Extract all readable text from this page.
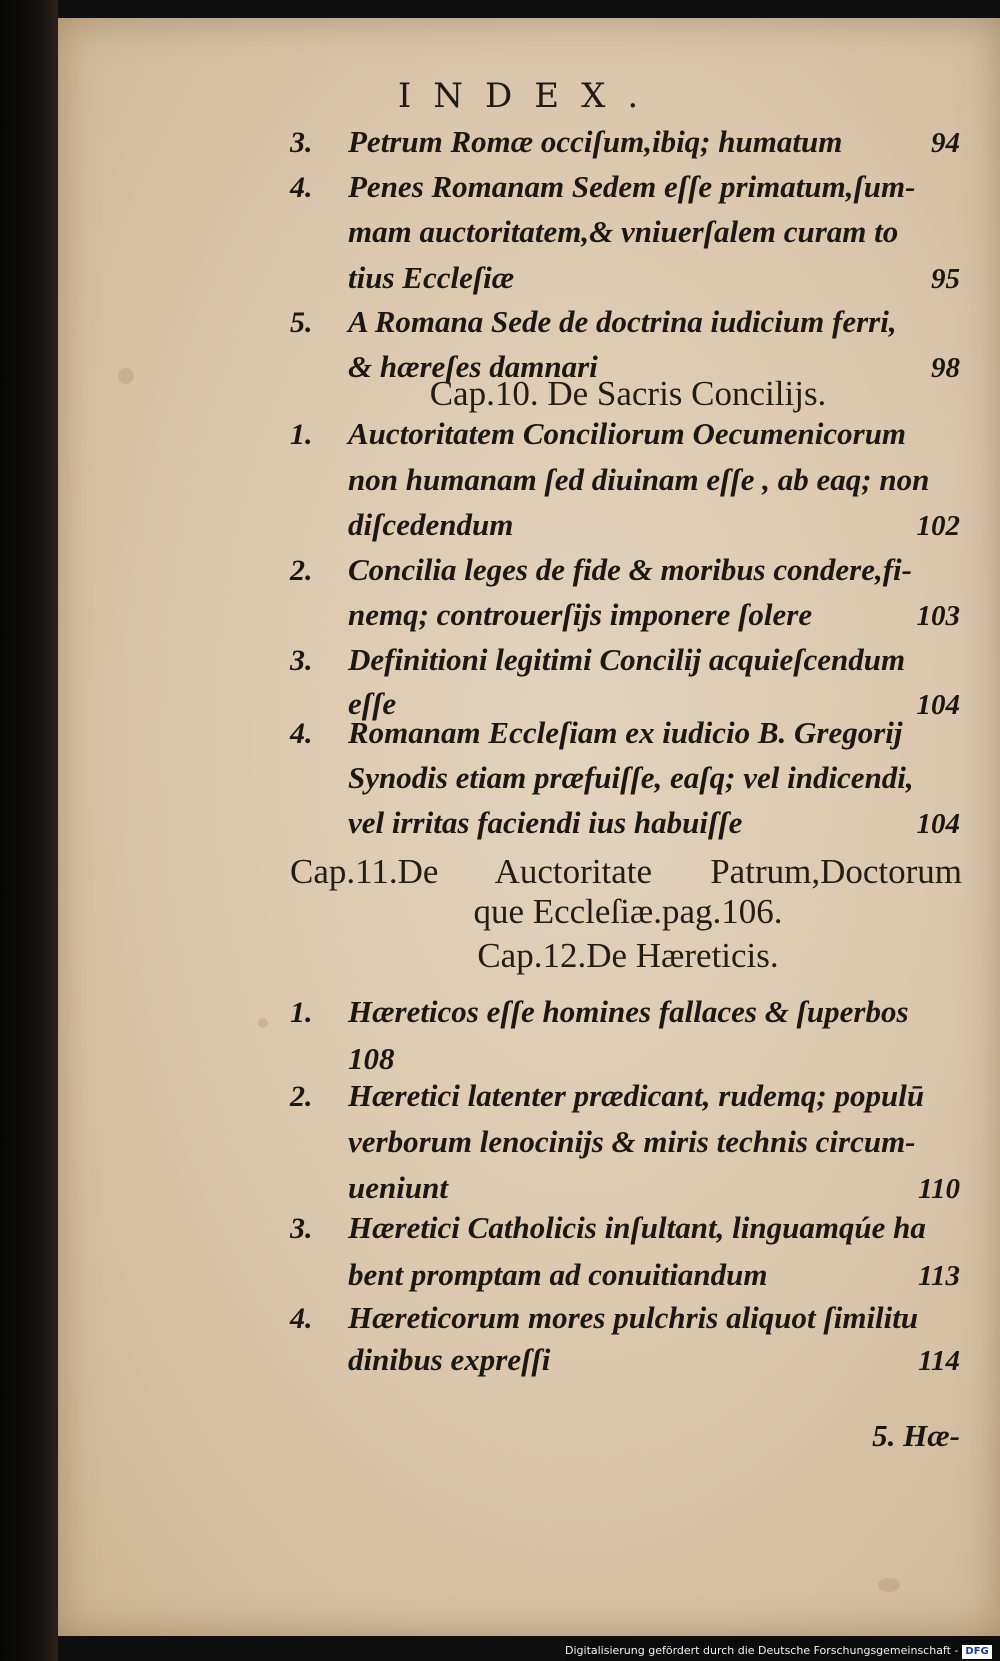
INDEX.
3.	Petrum Romæ occiſum,ibiq; humatum	94
4.	Penes Romanam Sedem eſſe primatum,ſum-
mam auctoritatem,& vniuerſalem curam to
tius Eccleſiæ	95
5.	A Romana Sede de doctrina iudicium ferri,
& hæreſes damnari	98
Cap.10. De Sacris Concilijs.
1.	Auctoritatem Conciliorum Oecumenicorum
non humanam ſed diuinam eſſe , ab eaq; non
diſcedendum	102
2.	Concilia leges de fide & moribus condere,fi-
nemq; controuerſijs imponere ſolere	103
3.	Definitioni legitimi Concilij acquieſcendum
eſſe	104
4.	Romanam Eccleſiam ex iudicio B. Gregorij
Synodis etiam præfuiſſe, eaſq; vel indicendi,
vel irritas faciendi ius habuiſſe	104
Cap.11.De Auctoritate Patrum,Doctorum
que Eccleſiæ.pag.106.
Cap.12.De Hæreticis.
1.	Hæreticos eſſe homines fallaces & ſuperbos
108
2.	Hæretici latenter prædicant, rudemq; populū
verborum lenocinijs & miris technis circum-
ueniunt	110
3.	Hæretici Catholicis inſultant, linguamqúe ha
bent promptam ad conuitiandum	113
4.	Hæreticorum mores pulchris aliquot ſimilitu
dinibus expreſſi	114
5. Hæ-
Digitalisierung gefördert durch die Deutsche Forschungsgemeinschaft - DFG
